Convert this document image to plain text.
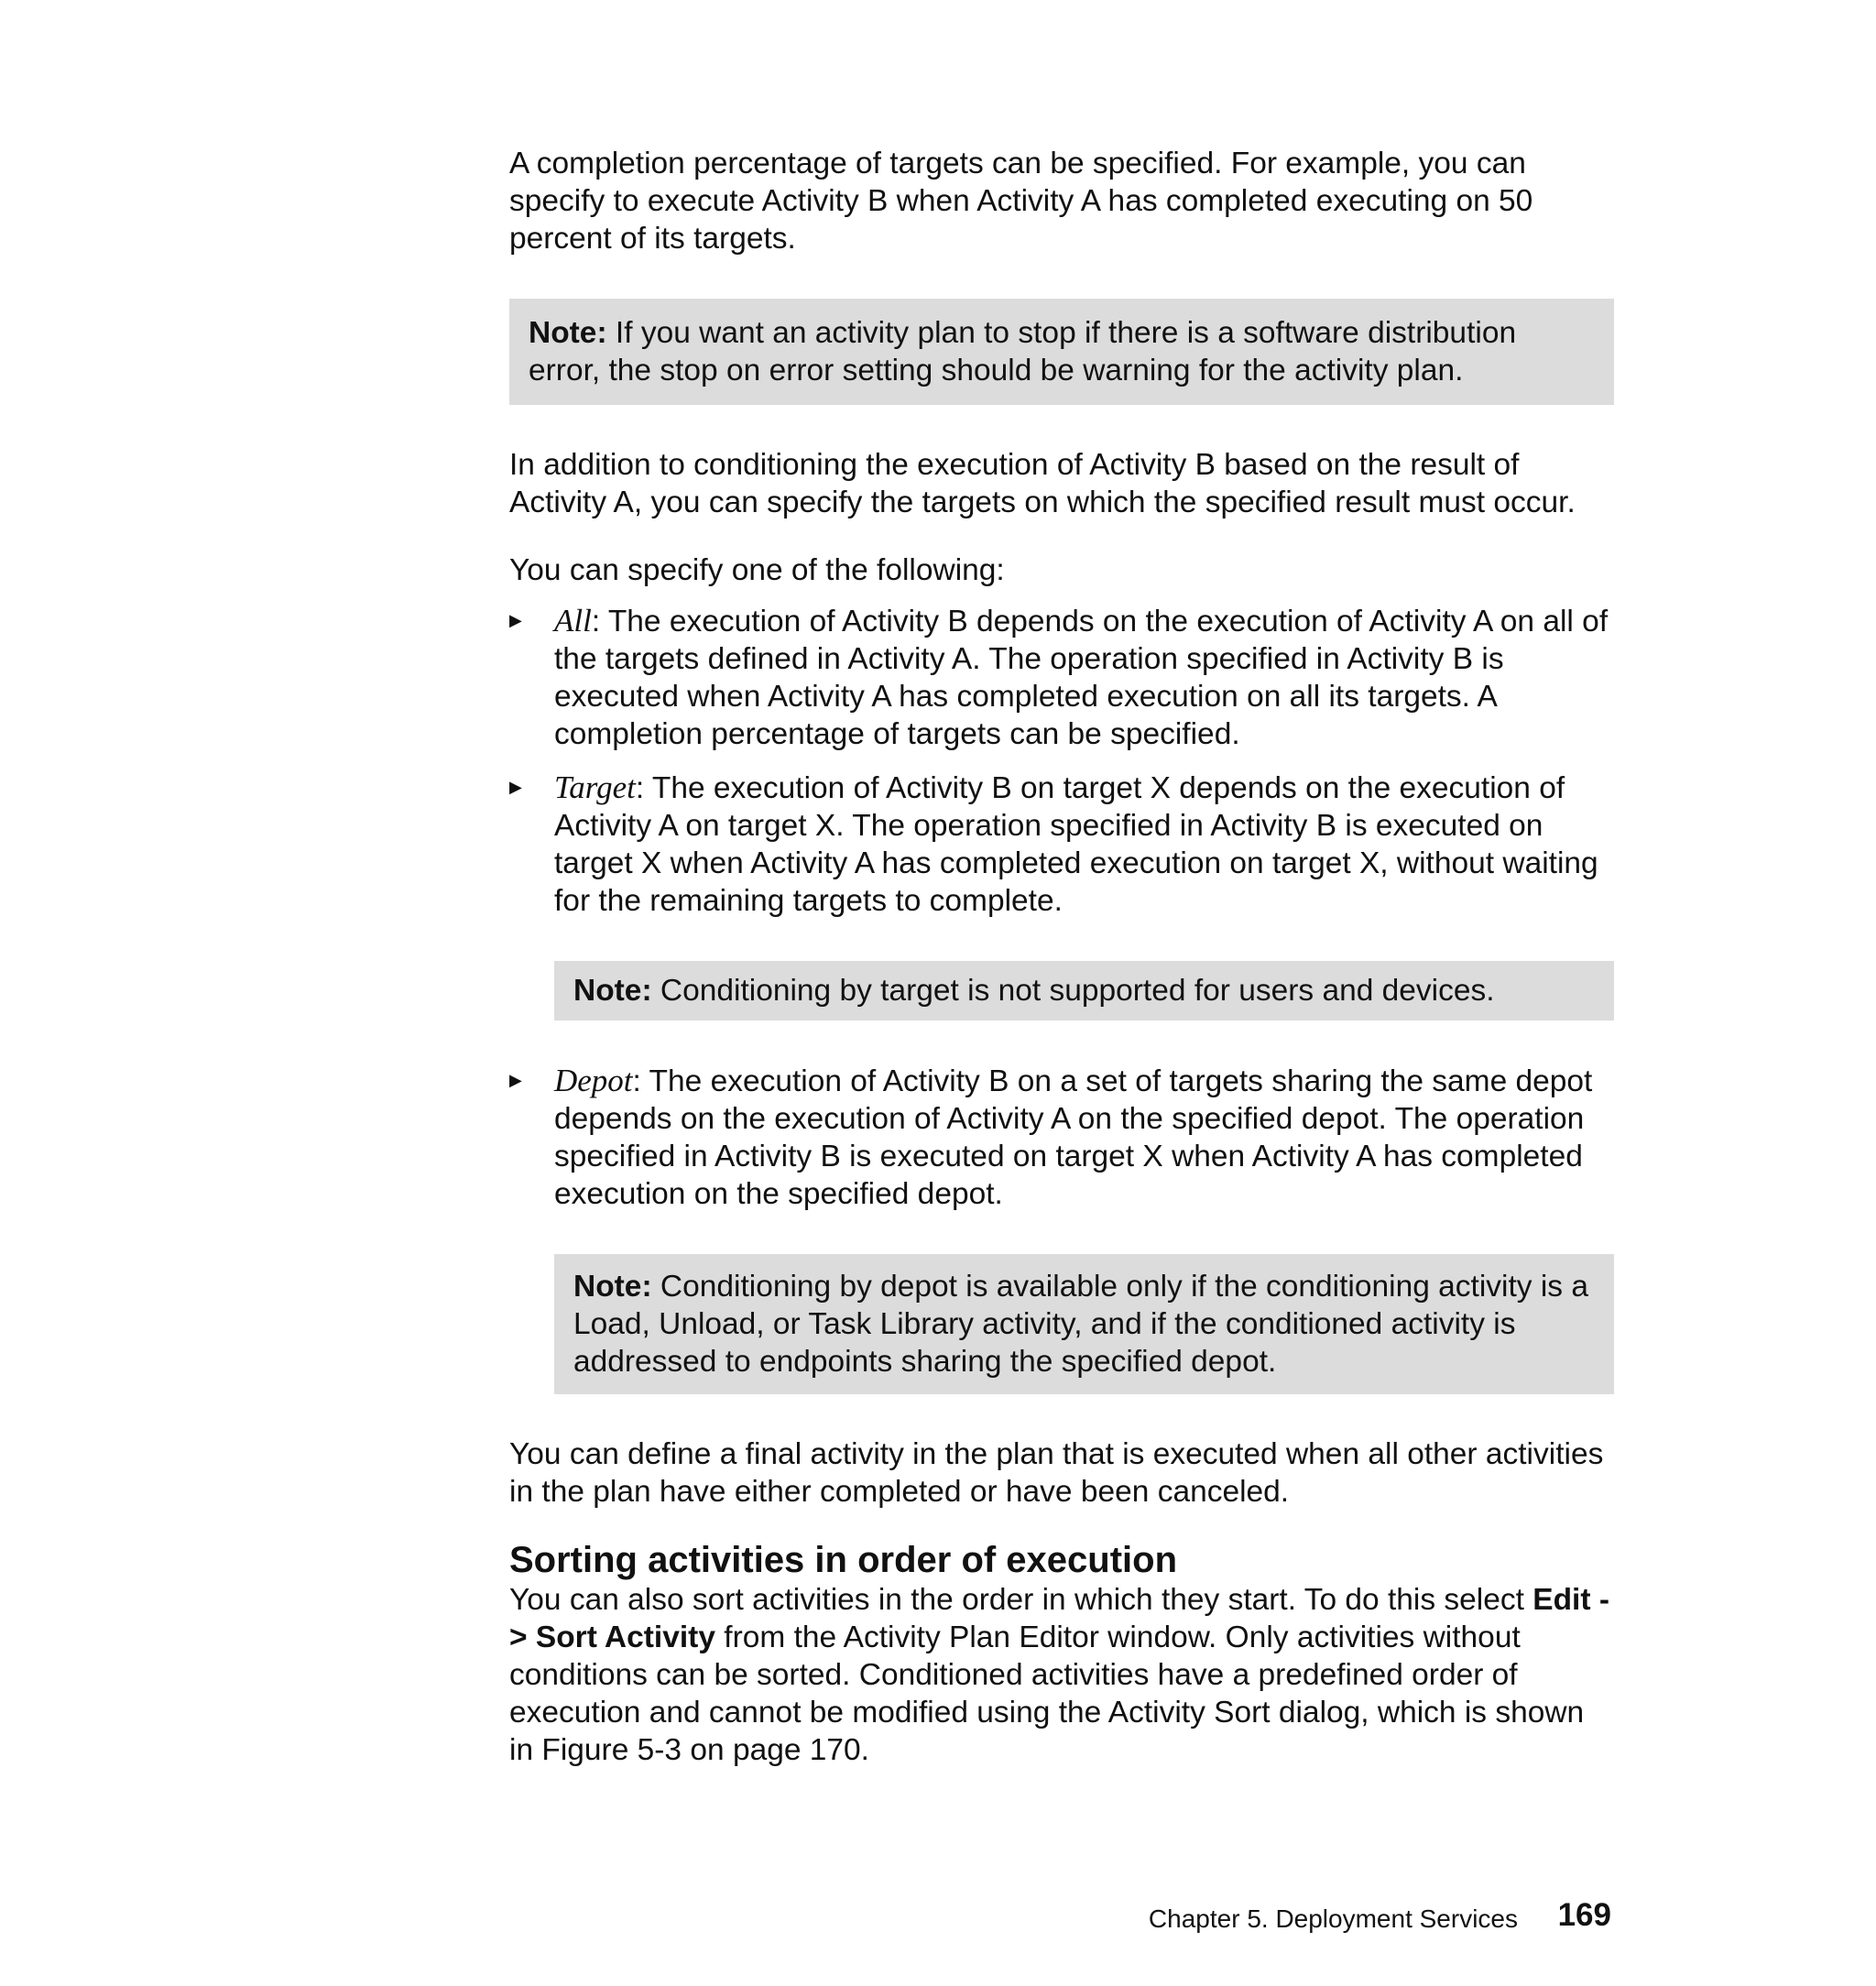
A completion percentage of targets can be specified. For example, you can specify to execute Activity B when Activity A has completed executing on 50 percent of its targets.

Note: If you want an activity plan to stop if there is a software distribution error, the stop on error setting should be warning for the activity plan.

In addition to conditioning the execution of Activity B based on the result of Activity A, you can specify the targets on which the specified result must occur.

You can specify one of the following:

▶ All: The execution of Activity B depends on the execution of Activity A on all of the targets defined in Activity A. The operation specified in Activity B is executed when Activity A has completed execution on all its targets. A completion percentage of targets can be specified.
▶ Target: The execution of Activity B on target X depends on the execution of Activity A on target X. The operation specified in Activity B is executed on target X when Activity A has completed execution on target X, without waiting for the remaining targets to complete.
Note: Conditioning by target is not supported for users and devices.
▶ Depot: The execution of Activity B on a set of targets sharing the same depot depends on the execution of Activity A on the specified depot. The operation specified in Activity B is executed on target X when Activity A has completed execution on the specified depot.
Note: Conditioning by depot is available only if the conditioning activity is a Load, Unload, or Task Library activity, and if the conditioned activity is addressed to endpoints sharing the specified depot.

You can define a final activity in the plan that is executed when all other activities in the plan have either completed or have been canceled.

Sorting activities in order of execution

You can also sort activities in the order in which they start. To do this select Edit -> Sort Activity from the Activity Plan Editor window. Only activities without conditions can be sorted. Conditioned activities have a predefined order of execution and cannot be modified using the Activity Sort dialog, which is shown in Figure 5-3 on page 170.

Chapter 5. Deployment Services 169
